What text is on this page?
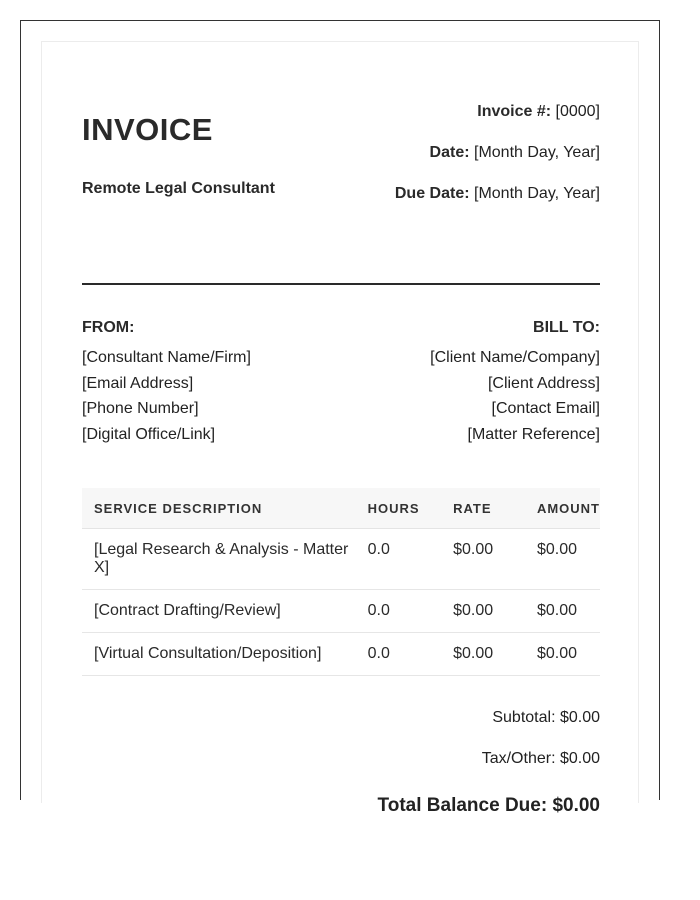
INVOICE
Remote Legal Consultant
Invoice #: [0000]
Date: [Month Day, Year]
Due Date: [Month Day, Year]
FROM:
[Consultant Name/Firm]
[Email Address]
[Phone Number]
[Digital Office/Link]
BILL TO:
[Client Name/Company]
[Client Address]
[Contact Email]
[Matter Reference]
SERVICE DESCRIPTION	HOURS	RATE	AMOUNT
[Legal Research & Analysis - Matter X]	0.0	$0.00	$0.00
[Contract Drafting/Review]	0.0	$0.00	$0.00
[Virtual Consultation/Deposition]	0.0	$0.00	$0.00
Subtotal: $0.00
Tax/Other: $0.00
Total Balance Due: $0.00
